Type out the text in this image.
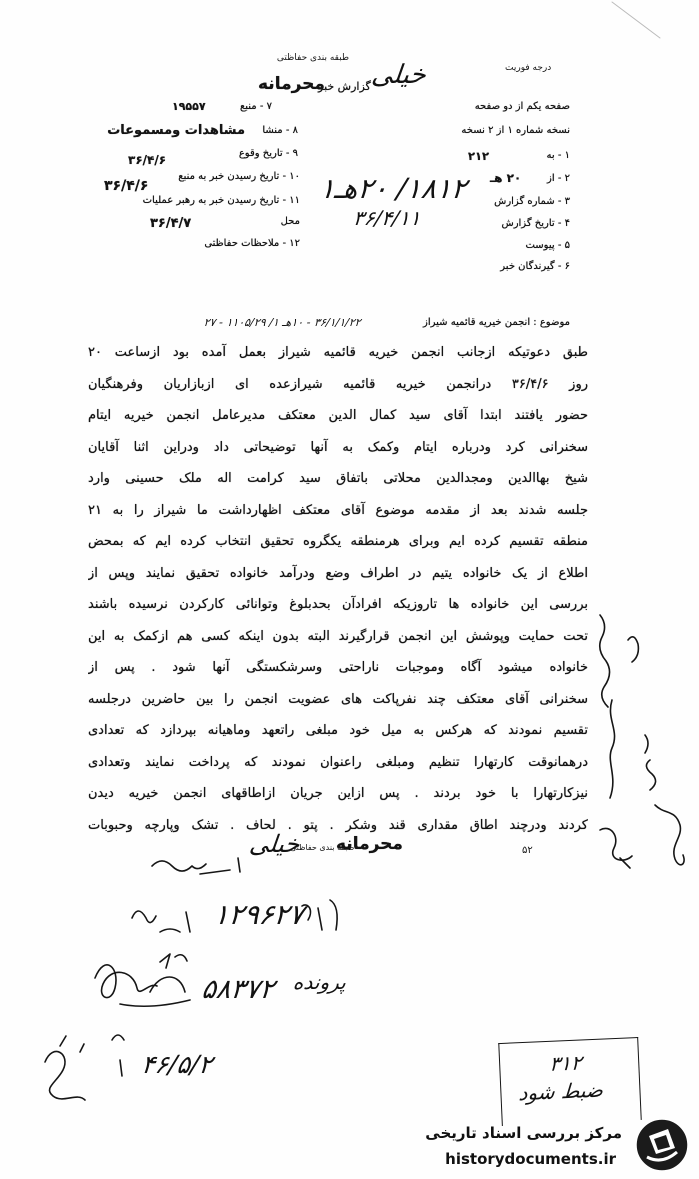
طبقه بندی حفاظتی
خیلی
گزارش خبر
محرمانه
درجه فوریت
صفحه یکم از دو صفحه
نسخه شماره ۱ از ۲ نسخه
۱ - به
۲۱۲
۲ - از
۲۰ هـ
۳ - شماره گزارش
۴ - تاریخ گزارش
۵ - پیوست
۶ - گیرندگان خبر
۷ - منبع
۱۹۵۵۷
۸ - منشا
مشاهدات ومسموعات
۹ - تاریخ وقوع
۳۶/۴/۶
۱۰ - تاریخ رسیدن خبر به منبع
۳۶/۴/۶
۱۱ - تاریخ رسیدن خبر به رهبر عملیات
محل
۳۶/۴/۷
۱۲ - ملاحظات حفاظتی
۱۸۱۲/ ۲۰هـ۱
۳۶/۴/۱۱
موضوع : انجمن خیریه قائمیه شیراز
۳۶/۱/۱/۲۲ - ۱۰هـ ۱/ ۱۱۰۵/۲۹ - ۲۷
طبق دعوتیکه ازجانب انجمن خیریه قائمیه شیراز بعمل آمده بود ازساعت ۲۰
روز ۳۶/۴/۶ درانجمن خیریه قائمیه شیرازعده ای ازبازاریان وفرهنگیان
حضور یافتند ابتدا آقای سید کمال الدین معتکف مدیرعامل انجمن خیریه ایتام
سخنرانی کرد ودرباره ایتام وکمک به آنها توضیحاتی داد ودراین اثنا آقایان
شیخ بهاالدین ومجدالدین محلاتی باتفاق سید کرامت اله ملک حسینی وارد
جلسه شدند بعد از مقدمه موضوع آقای معتکف اظهارداشت ما شیراز را به ۲۱
منطقه تقسیم کرده ایم وبرای هرمنطقه یکگروه تحقیق انتخاب کرده ایم که بمحض
اطلاع از یک خانواده یتیم در اطراف وضع ودرآمد خانواده تحقیق نمایند وپس از
بررسی این خانواده ها تاروزیکه افرادآن بحدبلوغ وتوانائی کارکردن نرسیده باشند
تحت حمایت وپوشش این انجمن قرارگیرند البته بدون اینکه کسی هم ازکمک به این
خانواده میشود آگاه وموجبات ناراحتی وسرشکستگی آنها شود . پس از
سخنرانی آقای معتکف چند نفرپاکت های عضویت انجمن را بین حاضرین درجلسه
تقسیم نمودند که هرکس به میل خود مبلغی راتعهد وماهیانه بپردازد که تعدادی
درهمانوقت کارتهارا تنظیم ومبلغی راعنوان نمودند که پرداخت نمایند وتعدادی
نیزکارتهارا با خود بردند . پس ازاین جریان ازاطاقهای انجمن خیریه دیدن
کردند ودرچند اطاق مقداری قند وشکر . پتو . لحاف . تشک وپارچه وحبوبات
خیلی
طبقه بندی حفاظتی
محرمانه	۵۲
۱۲۹۶۲۷
پرونده
۵۸۳۷۲
۴۶/۵/۲	۳۱۲
ضبط شود
مرکز بررسی اسناد تاریخی
historydocuments.ir
